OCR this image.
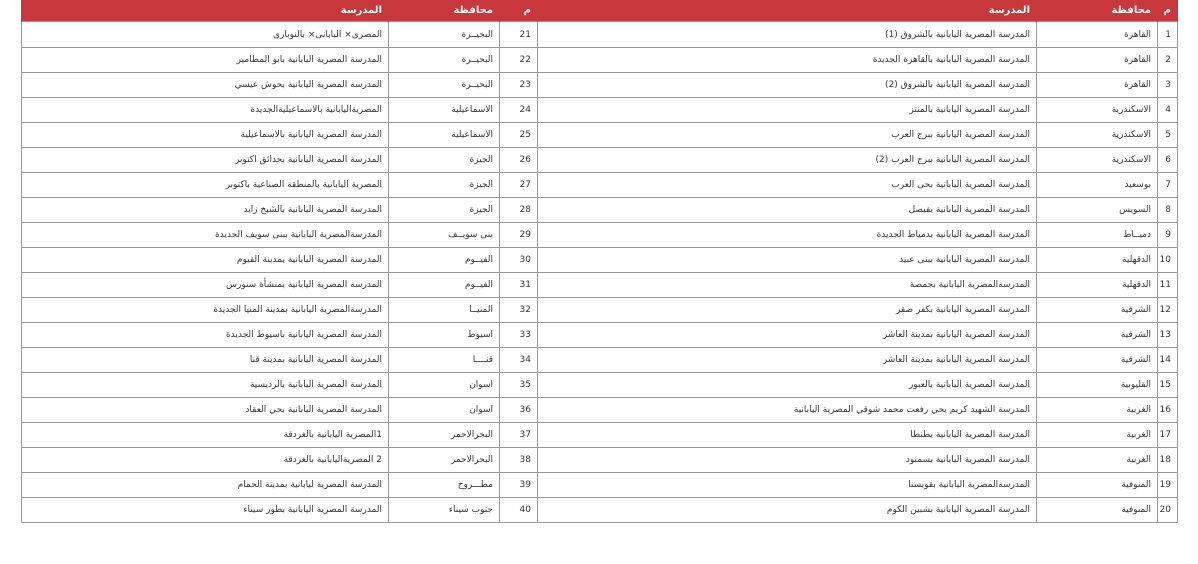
م	محافظة	المدرسة	م	محافظة	المدرسة
1	القاهرة	المدرسة المصرية اليابانية بالشروق (1)	21	البحيــرة	المصرى× اليابانى× بالنوبارى
2	القاهرة	المدرسة المصرية اليابانية بالقاهرة الجديدة	22	البحيــرة	المدرسة المصرية اليابانية بابو المطامير
3	القاهرة	المدرسة المصرية اليابانية بالشروق (2)	23	البحيــرة	المدرسة المصرية اليابانية بحوش عيسي
4	الاسكندرية	المدرسة المصرية اليابانية بالمنتز	24	الاسماعيلية	المصريةاليابانية بالاسماعيليةالجديدة
5	الاسكندرية	المدرسة المصرية اليابانية ببرج العرب	25	الاسماعيلية	المدرسة المصرية اليابانية بالاسماعيلية
6	الاسكندرية	المدرسة المصرية اليابانية ببرج العرب (2)	26	الجيزة	المدرسة المصرية اليابانية بحدائق اكتوبر
7	بوسعيد	المدرسة المصرية اليابانية بحى العرب	27	الجيزة	المصرية اليابانية بالمنطقة الصناعية باكتوبر
8	السويس	المدرسة المصرية اليابانية بفيصل	28	الجيزة	المدرسة المصرية اليابانية بالشيخ زايد
9	دميــاط	المدرسة المصرية اليابانية بدمياط الجديدة	29	بنى سويــف	المدرسةالمصرية اليابانية ببنى سويف الجديدة
10	الدقهلية	المدرسة المصرية اليابانية ببنى عبيد	30	الفيــوم	المدرسة المصرية اليابانية بمدينة الفيوم
11	الدقهلية	المدرسةالمصرية اليابانية بجمصة	31	الفيــوم	المدرسة المصرية اليابانية بمنشأة سنورس
12	الشرقية	المدرسة المصرية اليابانية بكفر صقر	32	المنيــا	المدرسةالمصرية اليابانية بمدينة المنيا الجديدة
13	الشرقية	المدرسة المصرية اليابانية بمدينة العاشر	33	اسيوط	المدرسة المصرية اليابانية باسيوط الجديدة
14	الشرقية	المدرسة المصرية اليابانية بمدينة العاشر	34	قنــــا	المدرسة المصرية اليابانية بمدينة قنا
15	القليوبية	المدرسة المصرية اليابانية بالعبور	35	اسوان	المدرسة المصرية اليابانية بالرديسية
16	الغربية	المدرسة الشهيد كريم يحي رفعت محمد شوقي المصرية اليابانية	36	اسوان	المدرسة المصرية اليابانية بحي العقاد
17	الغربية	المدرسة المصرية اليابانية بطنطا	37	البحرالاحمر	1المصرية اليابانية بالغردقة
18	الغربية	المدرسة المصرية اليابانية بسمنود	38	البحرالاحمر	2 المصريةاليابانية بالغردقة
19	المنوفية	المدرسةالمصرية اليابانية بقويسنا	39	مطـــروح	المدرسة المصرية ليابانية بمدينة الحمام
20	المنوفية	المدرسة المصرية اليابانية بشبين الكوم	40	جنوب سيناء	المدرسة المصرية اليابانية بطور سيناء
